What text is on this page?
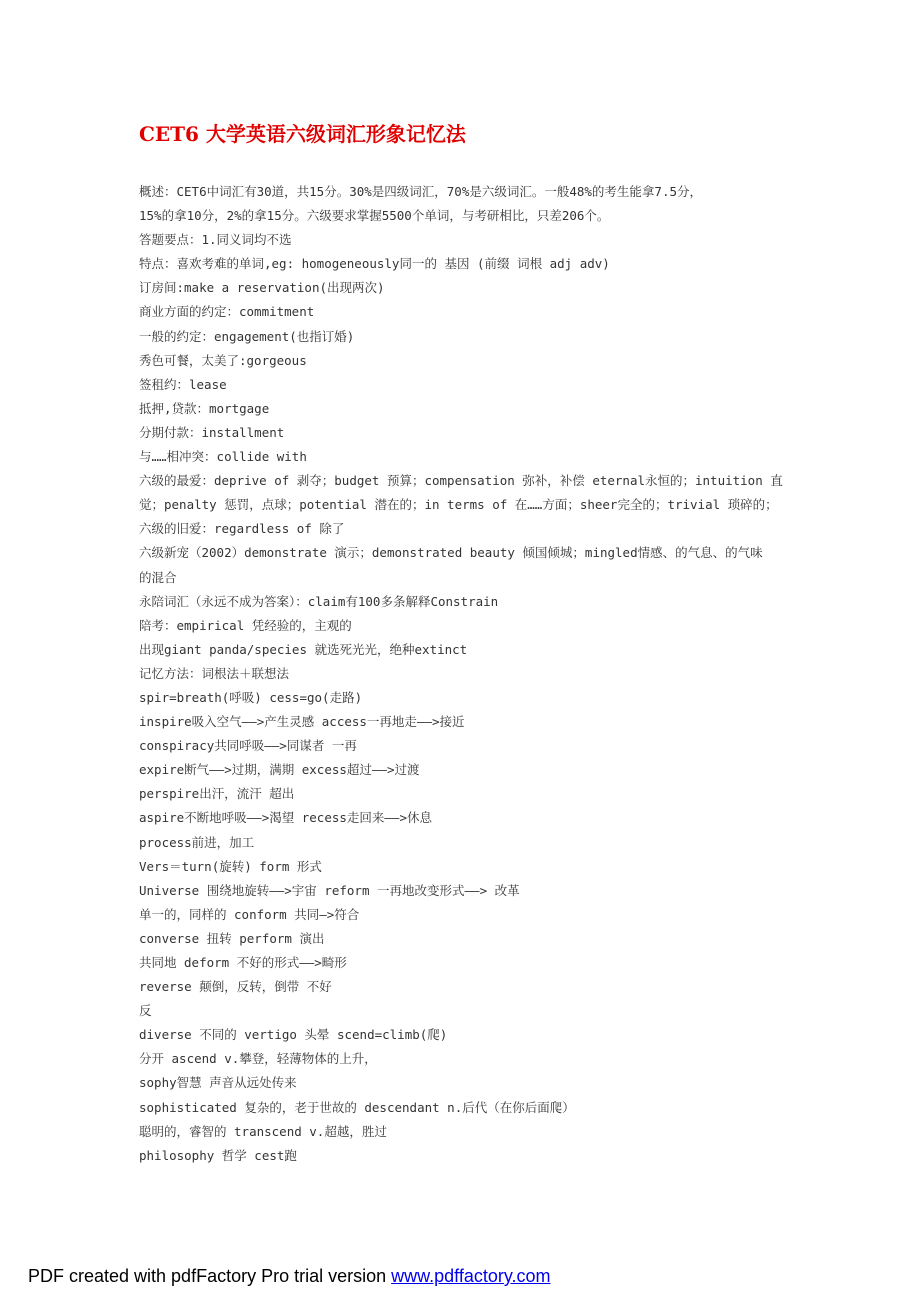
CET6 大学英语六级词汇形象记忆法
概述：CET6中词汇有30道，共15分。30%是四级词汇，70%是六级词汇。一般48%的考生能拿7.5分，
15%的拿10分，2%的拿15分。六级要求掌握5500个单词，与考研相比，只差206个。
答题要点：1.同义词均不选
特点：喜欢考难的单词,eg: homogeneously同一的 基因 (前缀 词根 adj adv)
订房间:make a reservation(出现两次)
商业方面的约定：commitment
一般的约定：engagement(也指订婚)
秀色可餐，太美了:gorgeous
签租约：lease
抵押,贷款：mortgage
分期付款：installment
与……相冲突：collide with
六级的最爱：deprive of 剥夺；budget 预算；compensation 弥补，补偿 eternal永恒的；intuition 直
觉；penalty 惩罚，点球；potential 潜在的；in terms of 在……方面；sheer完全的；trivial 琐碎的；
六级的旧爱：regardless of 除了
六级新宠（2002）demonstrate 演示；demonstrated beauty 倾国倾城；mingled情感、的气息、的气味
的混合
永陪词汇（永远不成为答案）：claim有100多条解释Constrain
陪考：empirical 凭经验的，主观的
出现giant panda/species 就选死光光，绝种extinct
记忆方法：词根法＋联想法
spir=breath(呼吸) cess=go(走路)
inspire吸入空气——>产生灵感 access一再地走——>接近
conspiracy共同呼吸——>同谋者 一再
expire断气——>过期，满期 excess超过——>过渡
perspire出汗，流汗 超出
aspire不断地呼吸——>渴望 recess走回来——>休息
process前进，加工
Vers＝turn(旋转) form 形式
Universe 围绕地旋转——>宇宙 reform 一再地改变形式——> 改革
单一的，同样的 conform 共同—>符合
converse 扭转 perform 演出
共同地 deform 不好的形式——>畸形
reverse 颠倒，反转，倒带 不好
反
diverse 不同的 vertigo 头晕 scend=climb(爬)
分开 ascend v.攀登，轻薄物体的上升，
sophy智慧 声音从远处传来
sophisticated 复杂的，老于世故的 descendant n.后代（在你后面爬）
聪明的，睿智的 transcend v.超越，胜过
philosophy 哲学 cest跑
PDF created with pdfFactory Pro trial version www.pdffactory.com
